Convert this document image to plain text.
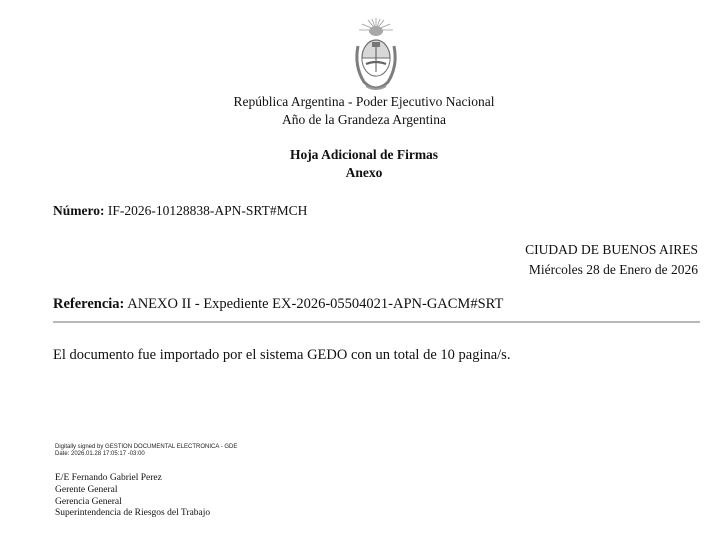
República Argentina - Poder Ejecutivo Nacional
Año de la Grandeza Argentina
Hoja Adicional de Firmas
Anexo
Número: IF-2026-10128838-APN-SRT#MCH
CIUDAD DE BUENOS AIRES
Miércoles 28 de Enero de 2026
Referencia: ANEXO II - Expediente EX-2026-05504021-APN-GACM#SRT
El documento fue importado por el sistema GEDO con un total de 10 pagina/s.
Digitally signed by GESTION DOCUMENTAL ELECTRONICA - GDE
Date: 2026.01.28 17:05:17 -03:00
E/E Fernando Gabriel Perez
Gerente General
Gerencia General
Superintendencia de Riesgos del Trabajo
